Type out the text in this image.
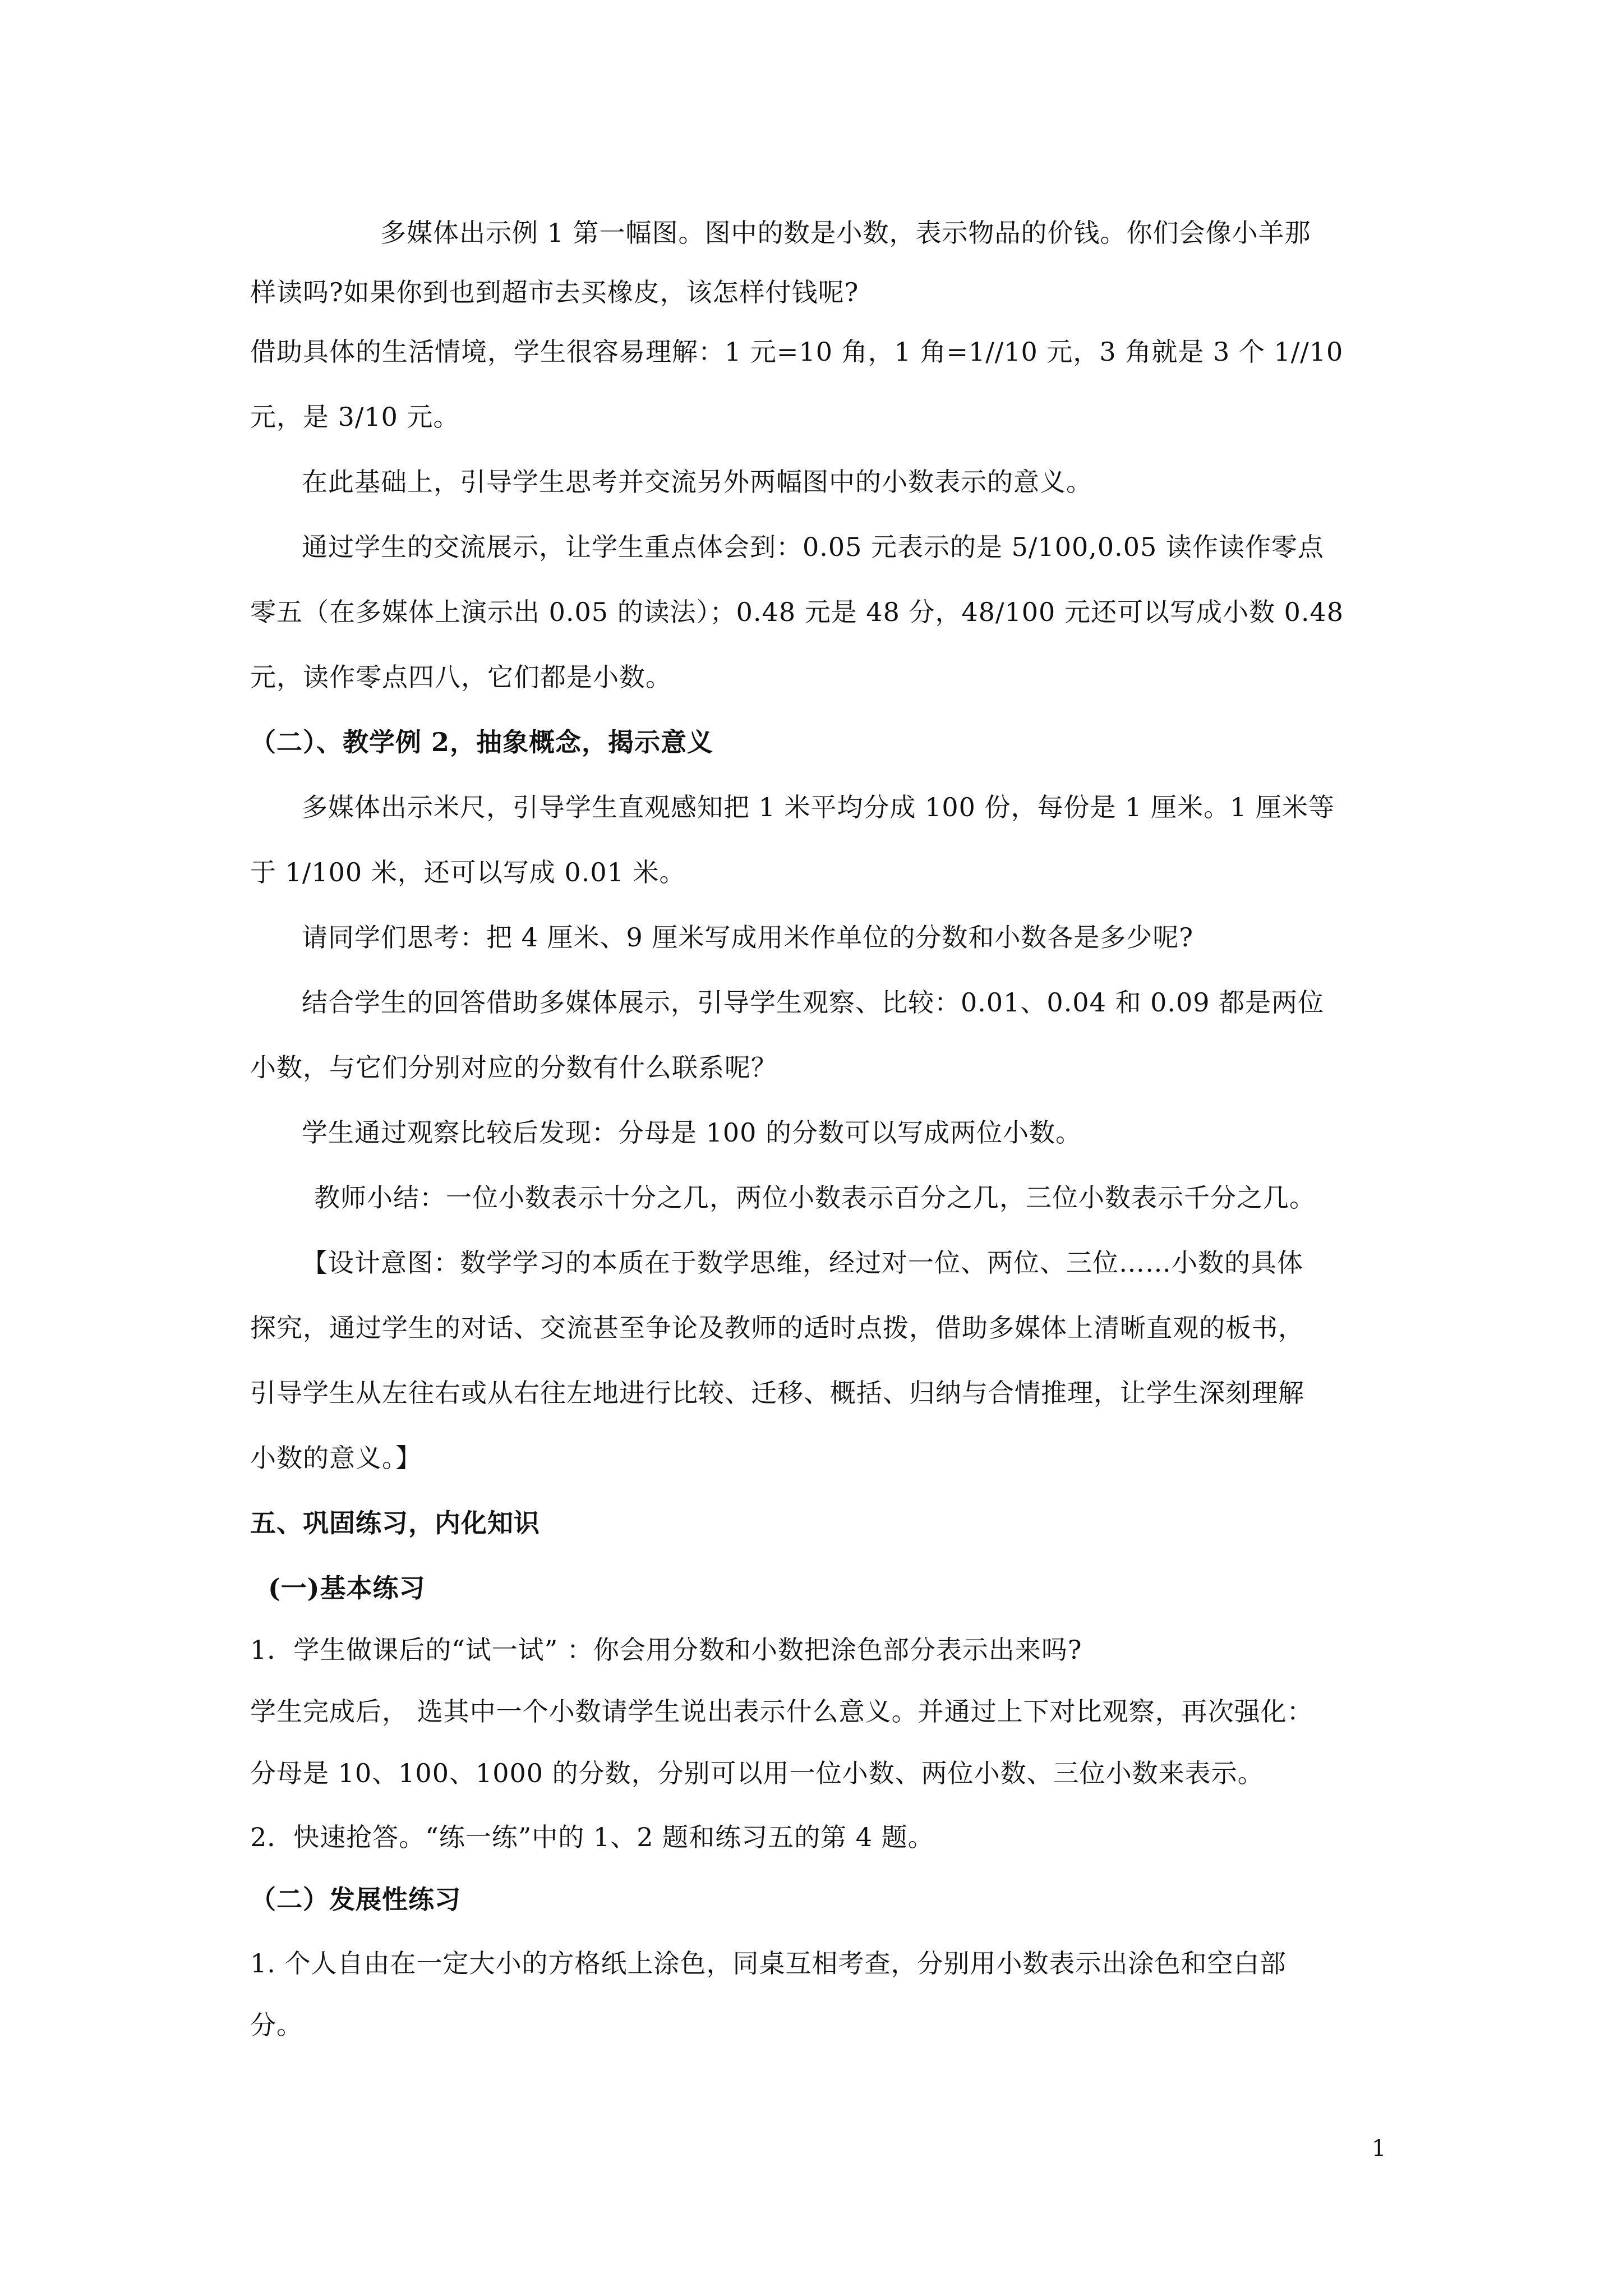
多媒体出示例 1 第一幅图。图中的数是小数，表示物品的价钱。你们会像小羊那
样读吗?如果你到也到超市去买橡皮，该怎样付钱呢?
借助具体的生活情境，学生很容易理解：1 元=10 角，1 角=1//10 元，3 角就是 3 个 1//10
元，是 3/10 元。
在此基础上，引导学生思考并交流另外两幅图中的小数表示的意义。
通过学生的交流展示，让学生重点体会到：0.05 元表示的是 5/100,0.05 读作读作零点
零五（在多媒体上演示出 0.05 的读法）；0.48 元是 48 分，48/100 元还可以写成小数 0.48
元，读作零点四八，它们都是小数。
（二）、教学例 2，抽象概念，揭示意义
多媒体出示米尺，引导学生直观感知把 1 米平均分成 100 份，每份是 1 厘米。1 厘米等
于 1/100 米，还可以写成 0.01 米。
请同学们思考：把 4 厘米、9 厘米写成用米作单位的分数和小数各是多少呢?
结合学生的回答借助多媒体展示，引导学生观察、比较：0.01、0.04 和 0.09 都是两位
小数，与它们分别对应的分数有什么联系呢？
学生通过观察比较后发现：分母是 100 的分数可以写成两位小数。
教师小结：一位小数表示十分之几，两位小数表示百分之几，三位小数表示千分之几。
【设计意图：数学学习的本质在于数学思维，经过对一位、两位、三位……小数的具体
探究，通过学生的对话、交流甚至争论及教师的适时点拨，借助多媒体上清晰直观的板书，
引导学生从左往右或从右往左地进行比较、迁移、概括、归纳与合情推理，让学生深刻理解
小数的意义。】
五、巩固练习，内化知识
(一)基本练习
1．学生做课后的“试一试” ：你会用分数和小数把涂色部分表示出来吗?
学生完成后， 选其中一个小数请学生说出表示什么意义。并通过上下对比观察，再次强化：
分母是 10、100、1000 的分数，分别可以用一位小数、两位小数、三位小数来表示。
2．快速抢答。“练一练”中的 1、2 题和练习五的第 4 题。
（二）发展性练习
1. 个人自由在一定大小的方格纸上涂色，同桌互相考查，分别用小数表示出涂色和空白部
分。
1
